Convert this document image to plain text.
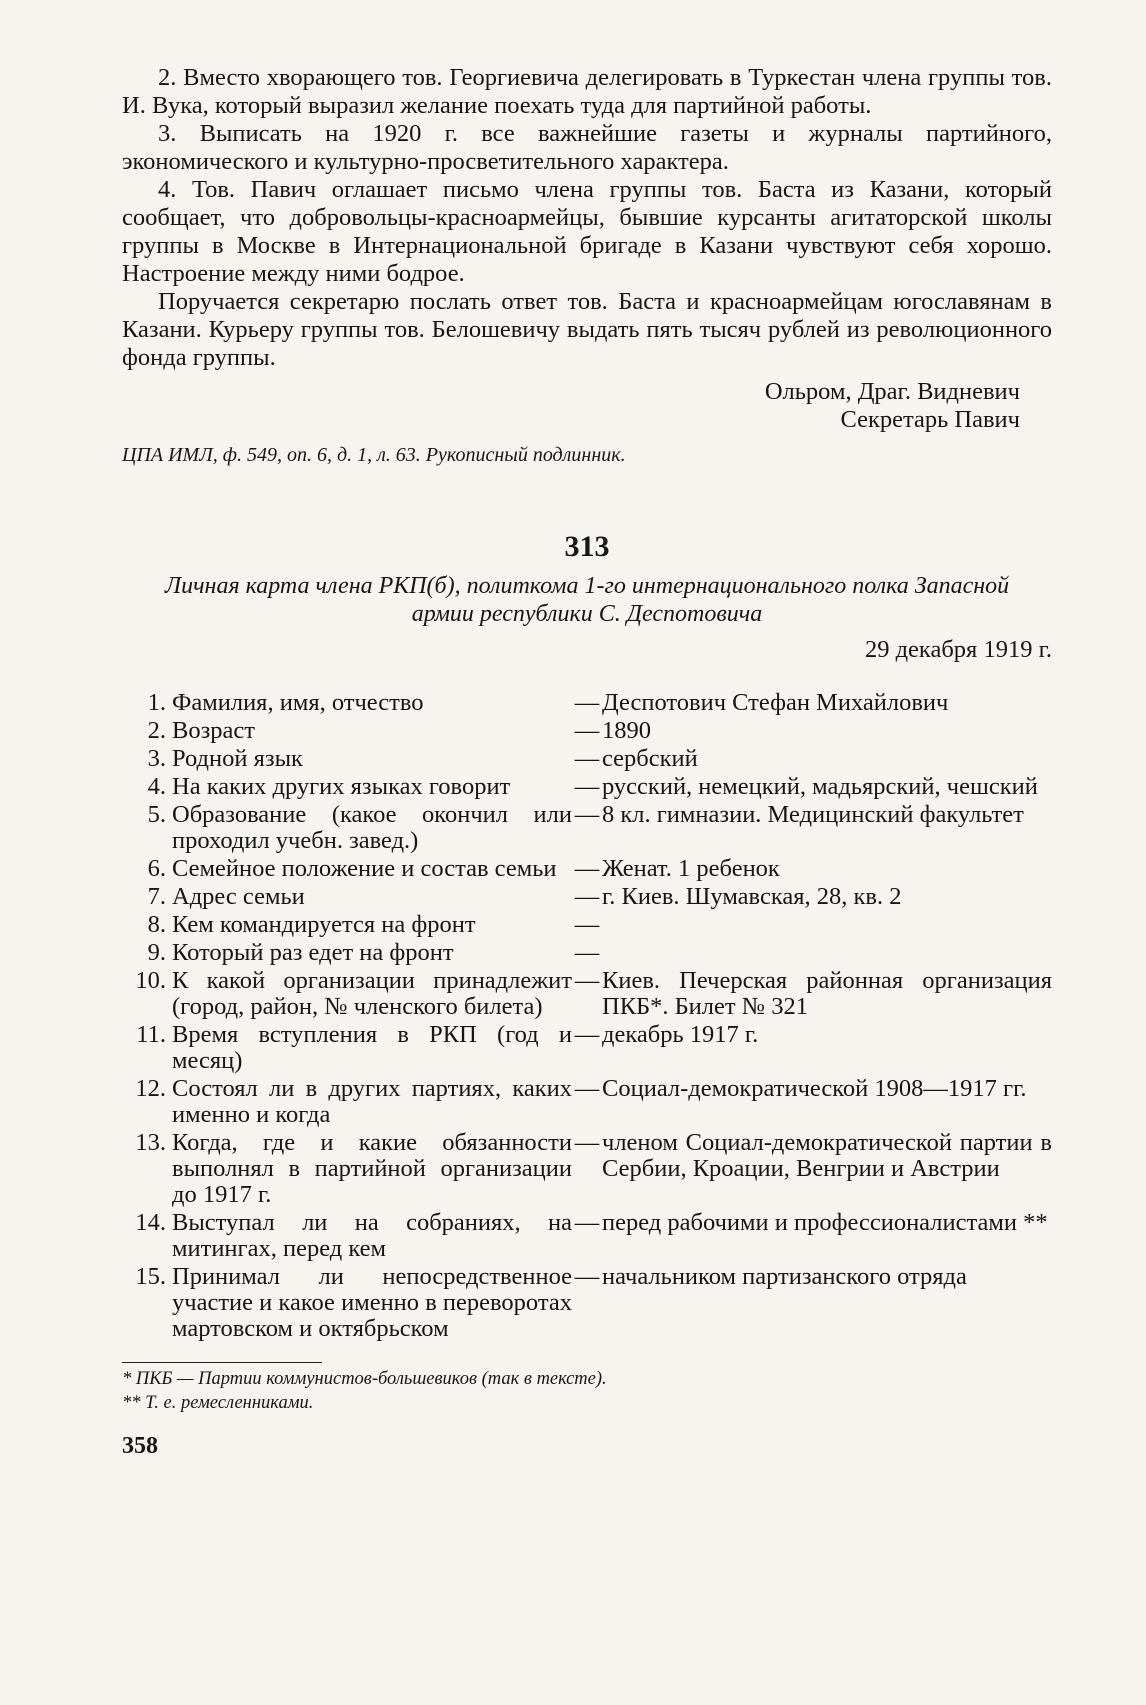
2. Вместо хворающего тов. Георгиевича делегировать в Туркестан члена группы тов. И. Вука, который выразил желание поехать туда для партийной работы.

3. Выписать на 1920 г. все важнейшие газеты и журналы партийного, экономического и культурно-просветительного характера.

4. Тов. Павич оглашает письмо члена группы тов. Баста из Казани, который сообщает, что добровольцы-красноармейцы, бывшие курсанты агитаторской школы группы в Москве в Интернациональной бригаде в Казани чувствуют себя хорошо. Настроение между ними бодрое.

Поручается секретарю послать ответ тов. Баста и красноармейцам югославянам в Казани. Курьеру группы тов. Белошевичу выдать пять тысяч рублей из революционного фонда группы.

Ольром, Драг. Видневич

Секретарь Павич

ЦПА ИМЛ, ф. 549, оп. 6, д. 1, л. 63. Рукописный подлинник.

313

Личная карта члена РКП(б), политкома 1-го интернационального полка Запасной армии республики С. Деспотовича

29 декабря 1919 г.

1. Фамилия, имя, отчество	— Деспотович Стефан Михайлович
2. Возраст	— 1890
3. Родной язык	— сербский
4. На каких других языках говорит	— русский, немецкий, мадьярский, чешский
5. Образование (какое окончил или проходил учебн. завед.)
— 8 кл. гимназии. Медицинский факультет
6. Семейное положение и состав семьи — Женат. 1 ребенок
7. Адрес семьи	— г. Киев. Шумавская, 28, кв. 2
8. Кем командируется на фронт	—
9. Который раз едет на фронт	—
10. К какой организации принадлежит (город, район, № членского билета)
— Киев. Печерская районная организация ПКБ*. Билет № 321
11. Время вступления в РКП (год и месяц)
— декабрь 1917 г.
12. Состоял ли в других партиях, каких именно и когда
— Социал-демократической 1908—1917 гг.
13. Когда, где и какие обязанности выполнял в партийной организации до 1917 г.
— членом Социал-демократической партии в Сербии, Кроации, Венгрии и Австрии
14. Выступал ли на собраниях, на митингах, перед кем
— перед рабочими и профессионалистами **
15. Принимал ли непосредственное участие и какое именно в переворотах мартовском и октябрьском
— начальником партизанского отряда

* ПКБ — Партии коммунистов-большевиков (так в тексте).

** Т. е. ремесленниками.

358
